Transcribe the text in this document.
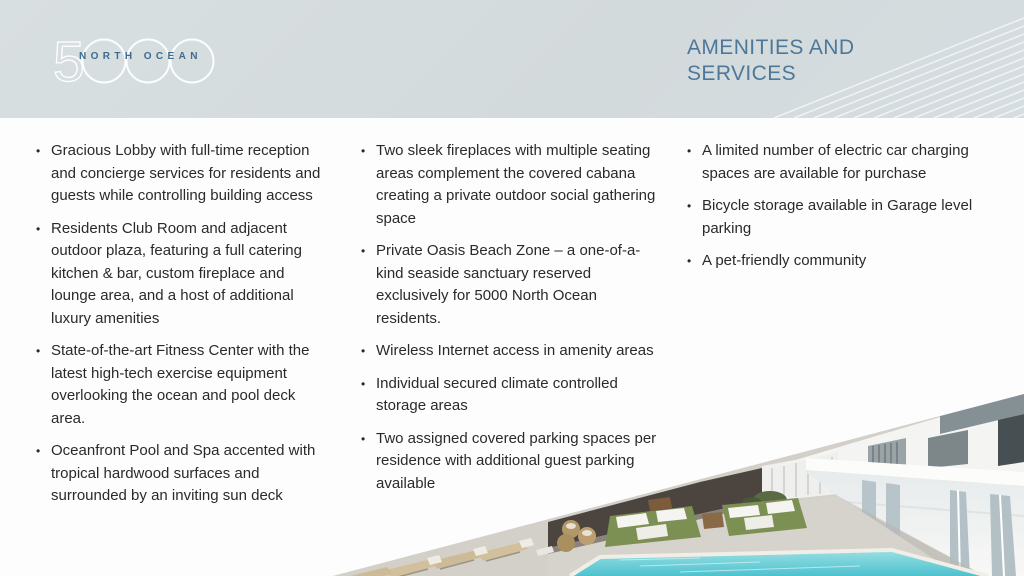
5
NORTH OCEAN	AMENITIES AND
SERVICES
• Gracious Lobby with full-time reception and concierge services for residents and guests while controlling building access
• Residents Club Room and adjacent outdoor plaza, featuring a full catering kitchen & bar, custom fireplace and lounge area, and a host of additional luxury amenities
• State-of-the-art Fitness Center with the latest high-tech exercise equipment overlooking the ocean and pool deck area.
• Oceanfront Pool and Spa accented with tropical hardwood surfaces and surrounded by an inviting sun deck
• Two sleek fireplaces with multiple seating areas complement the covered cabana creating a private outdoor social gathering space
• Private Oasis Beach Zone – a one-of-a-kind seaside sanctuary reserved exclusively for 5000 North Ocean residents.
• Wireless Internet access in amenity areas
• Individual secured climate controlled storage areas
• Two assigned covered parking spaces per residence with additional guest parking available
• A limited number of electric car charging spaces are available for purchase
• Bicycle storage available in Garage level parking
• A pet-friendly community
